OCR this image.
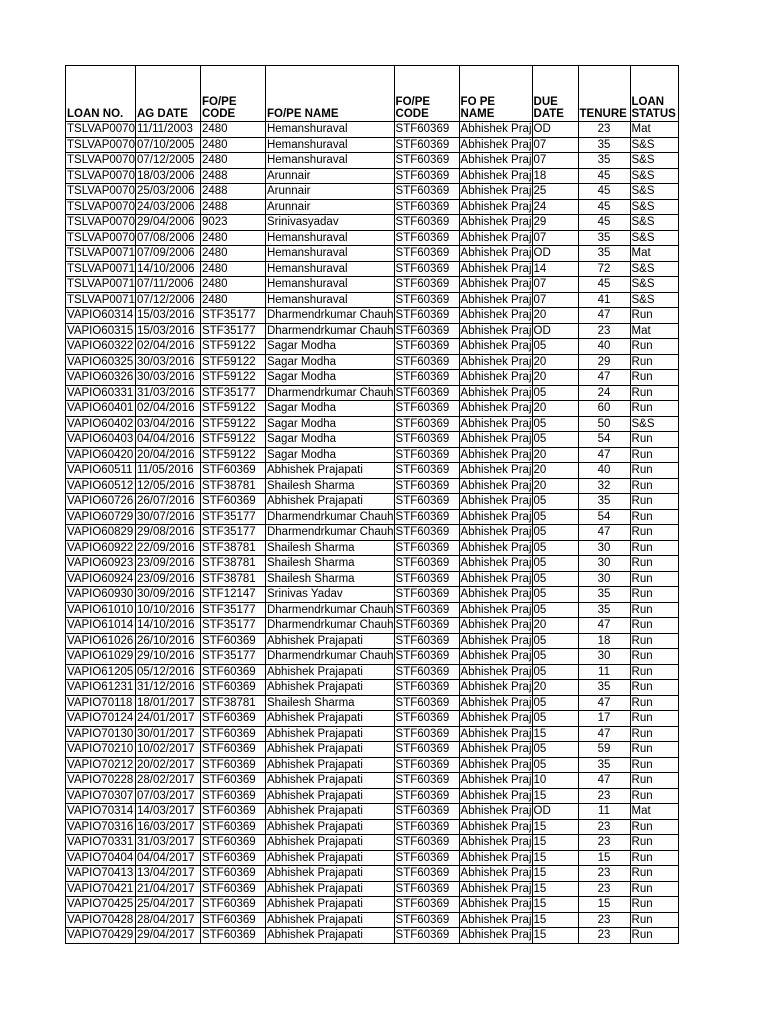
LOAN NO.	AG DATE	FO/PE CODE	FO/PE NAME	FO/PE CODE	FO PE NAME	DUE DATE	TENURE	LOAN STATUS
TSLVAP0070	11/11/2003	2480	Hemanshuraval	STF60369	Abhishek Praj	OD	23	Mat
TSLVAP0070	07/10/2005	2480	Hemanshuraval	STF60369	Abhishek Praj	07	35	S&S
TSLVAP0070	07/12/2005	2480	Hemanshuraval	STF60369	Abhishek Praj	07	35	S&S
TSLVAP0070	18/03/2006	2488	Arunnair	STF60369	Abhishek Praj	18	45	S&S
TSLVAP0070	25/03/2006	2488	Arunnair	STF60369	Abhishek Praj	25	45	S&S
TSLVAP0070	24/03/2006	2488	Arunnair	STF60369	Abhishek Praj	24	45	S&S
TSLVAP0070	29/04/2006	9023	Srinivasyadav	STF60369	Abhishek Praj	29	45	S&S
TSLVAP0070	07/08/2006	2480	Hemanshuraval	STF60369	Abhishek Praj	07	35	S&S
TSLVAP0071	07/09/2006	2480	Hemanshuraval	STF60369	Abhishek Praj	OD	35	Mat
TSLVAP0071	14/10/2006	2480	Hemanshuraval	STF60369	Abhishek Praj	14	72	S&S
TSLVAP0071	07/11/2006	2480	Hemanshuraval	STF60369	Abhishek Praj	07	45	S&S
TSLVAP0071	07/12/2006	2480	Hemanshuraval	STF60369	Abhishek Praj	07	41	S&S
VAPIO60314	15/03/2016	STF35177	Dharmendrkumar Chauh	STF60369	Abhishek Praj	20	47	Run
VAPIO60315	15/03/2016	STF35177	Dharmendrkumar Chauh	STF60369	Abhishek Praj	OD	23	Mat
VAPIO60322	02/04/2016	STF59122	Sagar Modha	STF60369	Abhishek Praj	05	40	Run
VAPIO60325	30/03/2016	STF59122	Sagar Modha	STF60369	Abhishek Praj	20	29	Run
VAPIO60326	30/03/2016	STF59122	Sagar Modha	STF60369	Abhishek Praj	20	47	Run
VAPIO60331	31/03/2016	STF35177	Dharmendrkumar Chauh	STF60369	Abhishek Praj	05	24	Run
VAPIO60401	02/04/2016	STF59122	Sagar Modha	STF60369	Abhishek Praj	20	60	Run
VAPIO60402	03/04/2016	STF59122	Sagar Modha	STF60369	Abhishek Praj	05	50	S&S
VAPIO60403	04/04/2016	STF59122	Sagar Modha	STF60369	Abhishek Praj	05	54	Run
VAPIO60420	20/04/2016	STF59122	Sagar Modha	STF60369	Abhishek Praj	20	47	Run
VAPIO60511	11/05/2016	STF60369	Abhishek Prajapati	STF60369	Abhishek Praj	20	40	Run
VAPIO60512	12/05/2016	STF38781	Shailesh Sharma	STF60369	Abhishek Praj	20	32	Run
VAPIO60726	26/07/2016	STF60369	Abhishek Prajapati	STF60369	Abhishek Praj	05	35	Run
VAPIO60729	30/07/2016	STF35177	Dharmendrkumar Chauh	STF60369	Abhishek Praj	05	54	Run
VAPIO60829	29/08/2016	STF35177	Dharmendrkumar Chauh	STF60369	Abhishek Praj	05	47	Run
VAPIO60922	22/09/2016	STF38781	Shailesh Sharma	STF60369	Abhishek Praj	05	30	Run
VAPIO60923	23/09/2016	STF38781	Shailesh Sharma	STF60369	Abhishek Praj	05	30	Run
VAPIO60924	23/09/2016	STF38781	Shailesh Sharma	STF60369	Abhishek Praj	05	30	Run
VAPIO60930	30/09/2016	STF12147	Srinivas Yadav	STF60369	Abhishek Praj	05	35	Run
VAPIO61010	10/10/2016	STF35177	Dharmendrkumar Chauh	STF60369	Abhishek Praj	05	35	Run
VAPIO61014	14/10/2016	STF35177	Dharmendrkumar Chauh	STF60369	Abhishek Praj	20	47	Run
VAPIO61026	26/10/2016	STF60369	Abhishek Prajapati	STF60369	Abhishek Praj	05	18	Run
VAPIO61029	29/10/2016	STF35177	Dharmendrkumar Chauh	STF60369	Abhishek Praj	05	30	Run
VAPIO61205	05/12/2016	STF60369	Abhishek Prajapati	STF60369	Abhishek Praj	05	11	Run
VAPIO61231	31/12/2016	STF60369	Abhishek Prajapati	STF60369	Abhishek Praj	20	35	Run
VAPIO70118	18/01/2017	STF38781	Shailesh Sharma	STF60369	Abhishek Praj	05	47	Run
VAPIO70124	24/01/2017	STF60369	Abhishek Prajapati	STF60369	Abhishek Praj	05	17	Run
VAPIO70130	30/01/2017	STF60369	Abhishek Prajapati	STF60369	Abhishek Praj	15	47	Run
VAPIO70210	10/02/2017	STF60369	Abhishek Prajapati	STF60369	Abhishek Praj	05	59	Run
VAPIO70212	20/02/2017	STF60369	Abhishek Prajapati	STF60369	Abhishek Praj	05	35	Run
VAPIO70228	28/02/2017	STF60369	Abhishek Prajapati	STF60369	Abhishek Praj	10	47	Run
VAPIO70307	07/03/2017	STF60369	Abhishek Prajapati	STF60369	Abhishek Praj	15	23	Run
VAPIO70314	14/03/2017	STF60369	Abhishek Prajapati	STF60369	Abhishek Praj	OD	11	Mat
VAPIO70316	16/03/2017	STF60369	Abhishek Prajapati	STF60369	Abhishek Praj	15	23	Run
VAPIO70331	31/03/2017	STF60369	Abhishek Prajapati	STF60369	Abhishek Praj	15	23	Run
VAPIO70404	04/04/2017	STF60369	Abhishek Prajapati	STF60369	Abhishek Praj	15	15	Run
VAPIO70413	13/04/2017	STF60369	Abhishek Prajapati	STF60369	Abhishek Praj	15	23	Run
VAPIO70421	21/04/2017	STF60369	Abhishek Prajapati	STF60369	Abhishek Praj	15	23	Run
VAPIO70425	25/04/2017	STF60369	Abhishek Prajapati	STF60369	Abhishek Praj	15	15	Run
VAPIO70428	28/04/2017	STF60369	Abhishek Prajapati	STF60369	Abhishek Praj	15	23	Run
VAPIO70429	29/04/2017	STF60369	Abhishek Prajapati	STF60369	Abhishek Praj	15	23	Run
